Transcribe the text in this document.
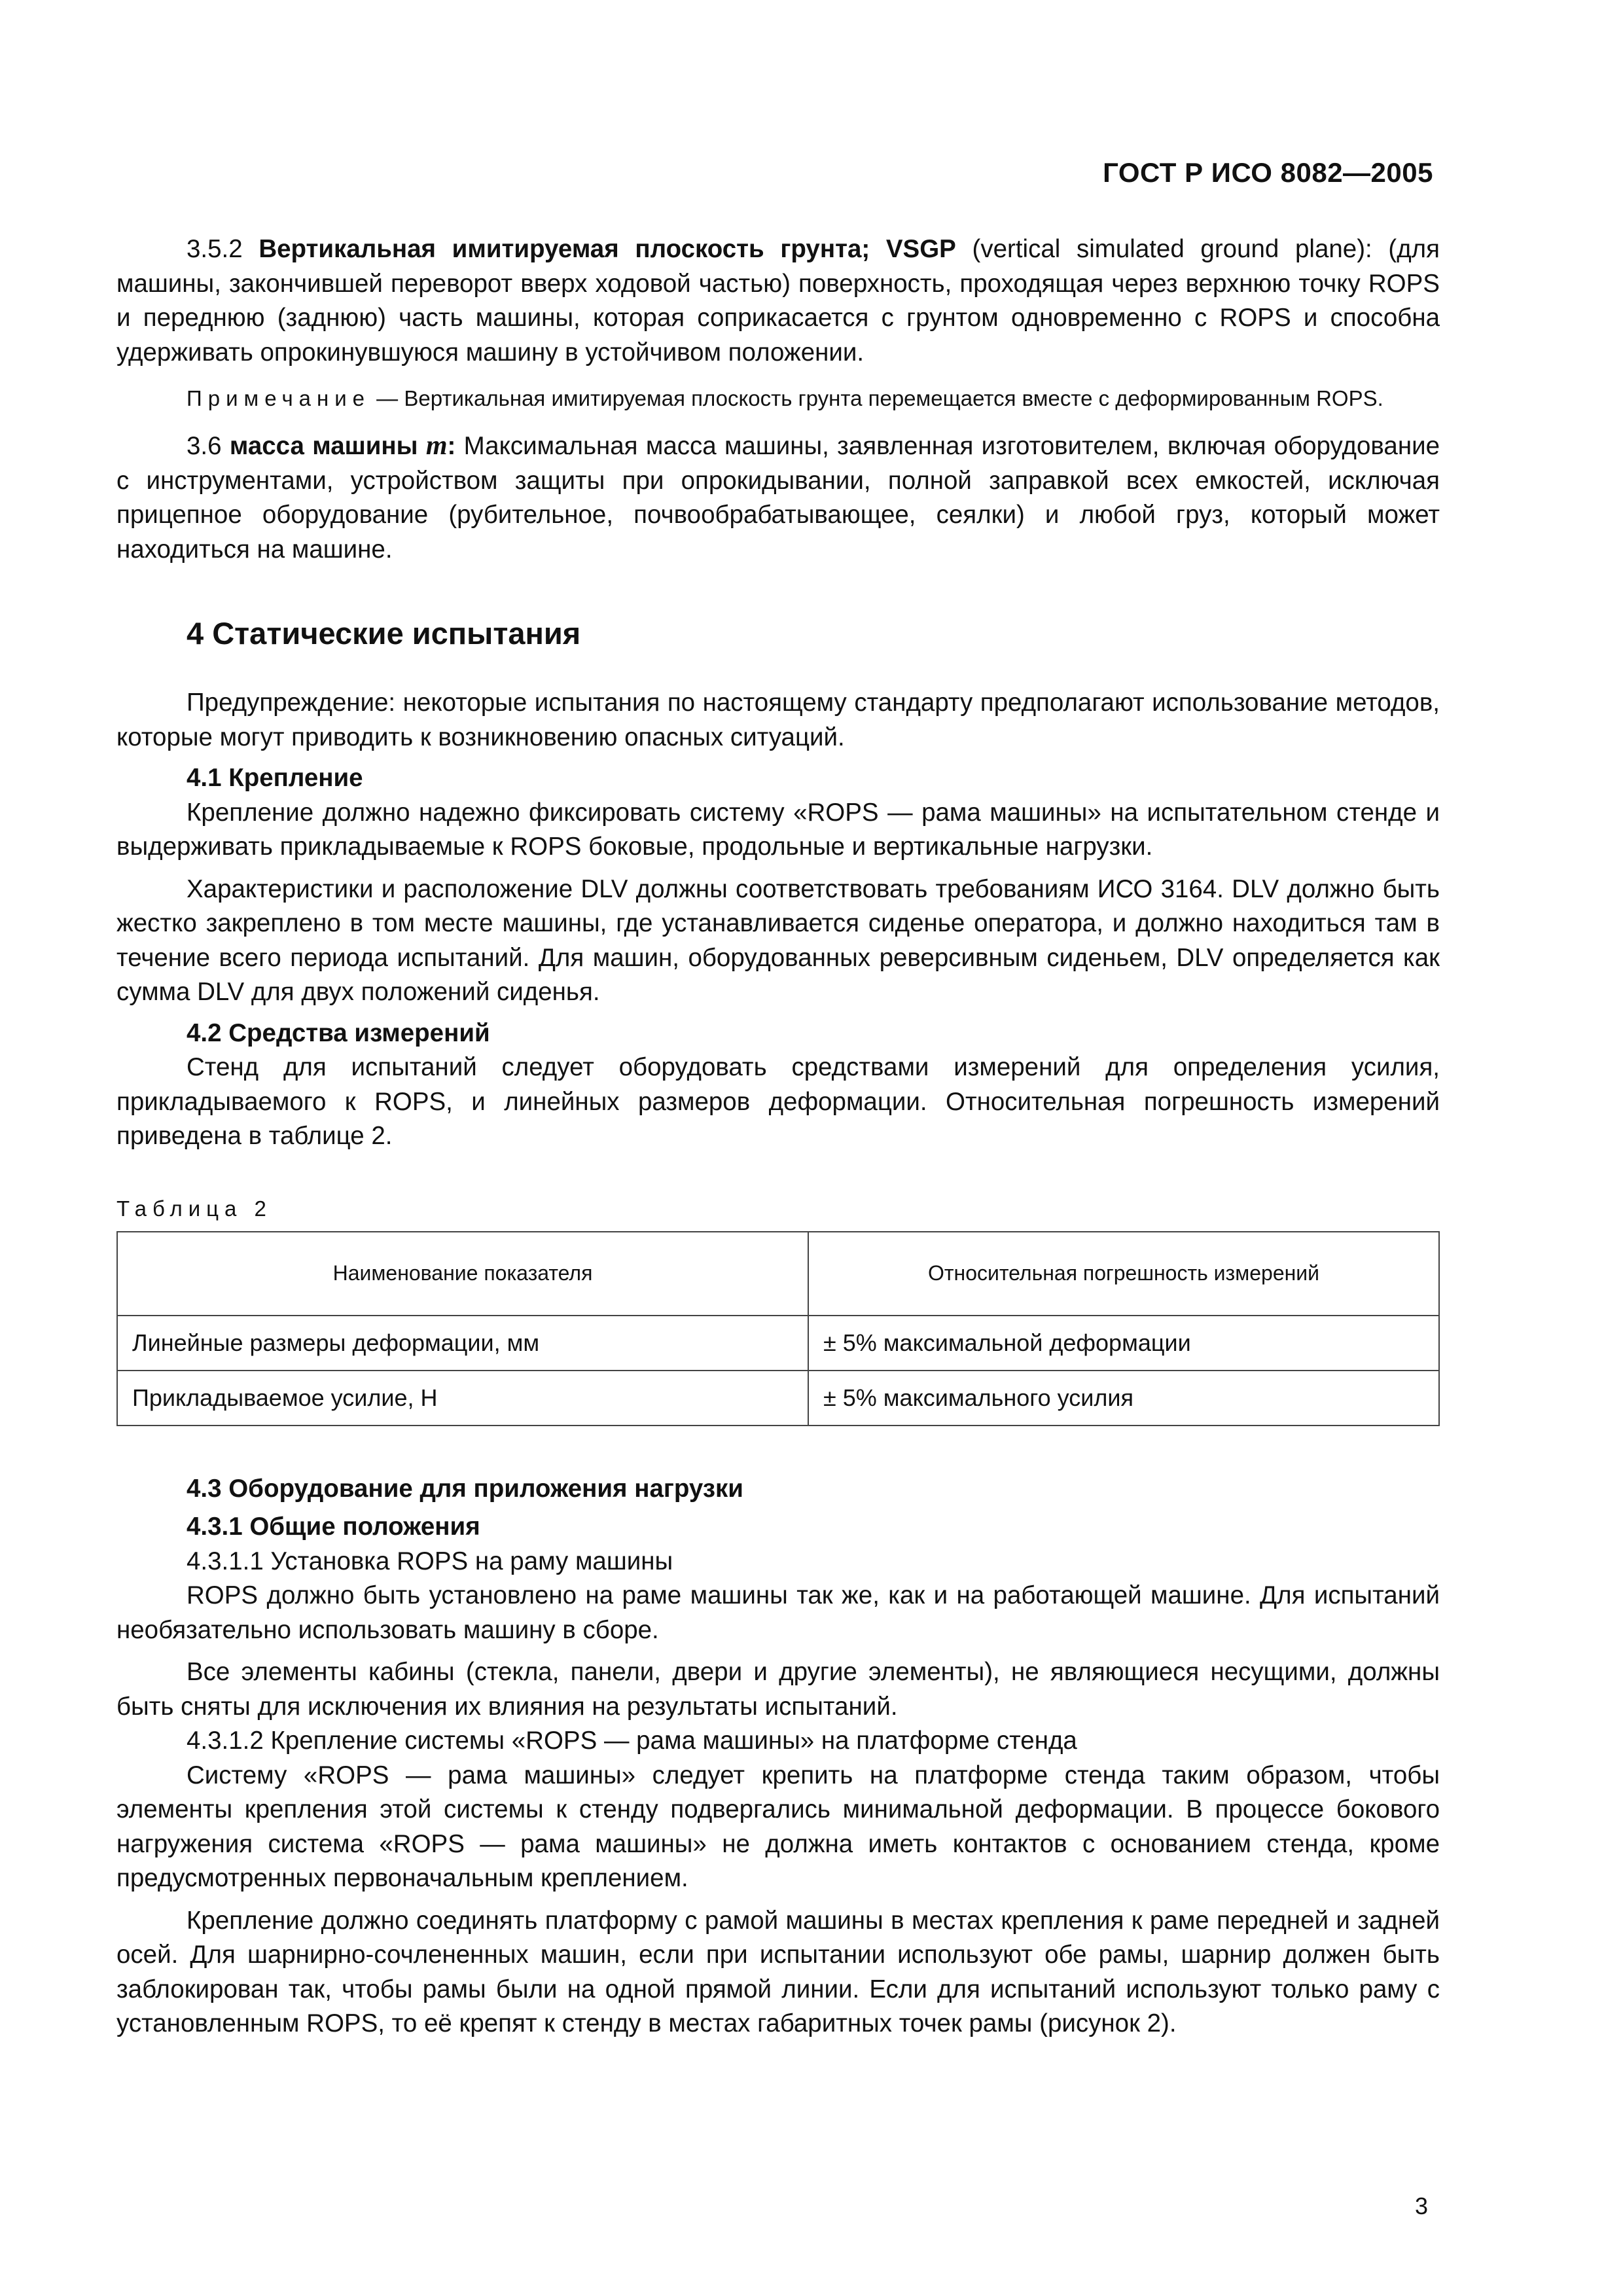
ГОСТ Р ИСО 8082—2005

3.5.2 Вертикальная имитируемая плоскость грунта; VSGP (vertical simulated ground plane): (для машины, закончившей переворот вверх ходовой частью) поверхность, проходящая через верхнюю точку ROPS и переднюю (заднюю) часть машины, которая соприкасается с грунтом одновременно с ROPS и способна удерживать опрокинувшуюся машину в устойчивом положении.

Примечание — Вертикальная имитируемая плоскость грунта перемещается вместе с деформированным ROPS.

3.6 масса машины m: Максимальная масса машины, заявленная изготовителем, включая оборудование с инструментами, устройством защиты при опрокидывании, полной заправкой всех емкостей, исключая прицепное оборудование (рубительное, почвообрабатывающее, сеялки) и любой груз, который может находиться на машине.

4 Статические испытания

Предупреждение: некоторые испытания по настоящему стандарту предполагают использование методов, которые могут приводить к возникновению опасных ситуаций.

4.1 Крепление

Крепление должно надежно фиксировать систему «ROPS — рама машины» на испытательном стенде и выдерживать прикладываемые к ROPS боковые, продольные и вертикальные нагрузки.

Характеристики и расположение DLV должны соответствовать требованиям ИСО 3164. DLV должно быть жестко закреплено в том месте машины, где устанавливается сиденье оператора, и должно находиться там в течение всего периода испытаний. Для машин, оборудованных реверсивным сиденьем, DLV определяется как сумма DLV для двух положений сиденья.

4.2 Средства измерений

Стенд для испытаний следует оборудовать средствами измерений для определения усилия, прикладываемого к ROPS, и линейных размеров деформации. Относительная погрешность измерений приведена в таблице 2.

Таблица 2
Наименование показателя	Относительная погрешность измерений
Линейные размеры деформации, мм	± 5% максимальной деформации
Прикладываемое усилие, Н	± 5% максимального усилия
4.3 Оборудование для приложения нагрузки
4.3.1 Общие положения

4.3.1.1 Установка ROPS на раму машины

ROPS должно быть установлено на раме машины так же, как и на работающей машине. Для испытаний необязательно использовать машину в сборе.

Все элементы кабины (стекла, панели, двери и другие элементы), не являющиеся несущими, должны быть сняты для исключения их влияния на результаты испытаний.

4.3.1.2 Крепление системы «ROPS — рама машины» на платформе стенда

Систему «ROPS — рама машины» следует крепить на платформе стенда таким образом, чтобы элементы крепления этой системы к стенду подвергались минимальной деформации. В процессе бокового нагружения система «ROPS — рама машины» не должна иметь контактов с основанием стенда, кроме предусмотренных первоначальным креплением.

Крепление должно соединять платформу с рамой машины в местах крепления к раме передней и задней осей. Для шарнирно-сочлененных машин, если при испытании используют обе рамы, шарнир должен быть заблокирован так, чтобы рамы были на одной прямой линии. Если для испытаний используют только раму с установленным ROPS, то её крепят к стенду в местах габаритных точек рамы (рисунок 2).

3
